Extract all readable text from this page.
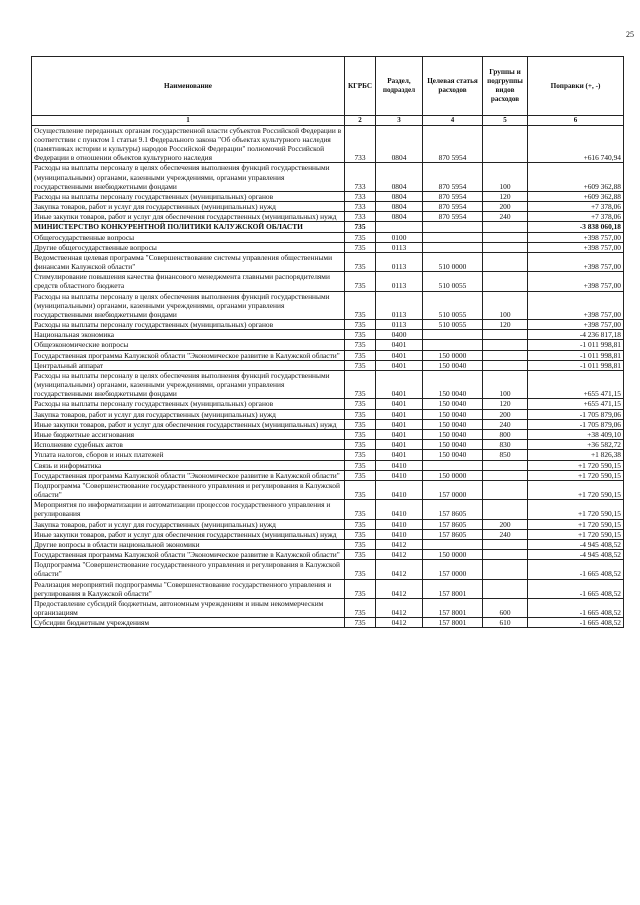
25
Наименование	КГРБС	Раздел, подраздел	Целевая статья расходов	Группы и подгруппы видов расходов	Поправки (+, -)
1	2	3	4	5	6
Осуществление переданных органам государственной власти субъектов Российской Федерации в соответствии с пунктом 1 статьи 9.1 Федерального закона "Об объектах культурного наследия (памятниках истории и культуры) народов Российской Федерации" полномочий Российской Федерации в отношении объектов культурного наследия	733	0804	870 5954		+616 740,94
Расходы на выплаты персоналу в целях обеспечения выполнения функций государственными (муниципальными) органами, казенными учреждениями, органами управления государственными внебюджетными фондами	733	0804	870 5954	100	+609 362,88
Расходы на выплаты персоналу государственных (муниципальных) органов	733	0804	870 5954	120	+609 362,88
Закупка товаров, работ и услуг для государственных (муниципальных) нужд	733	0804	870 5954	200	+7 378,06
Иные закупки товаров, работ и услуг для обеспечения государственных (муниципальных) нужд	733	0804	870 5954	240	+7 378,06
МИНИСТЕРСТВО КОНКУРЕНТНОЙ ПОЛИТИКИ КАЛУЖСКОЙ ОБЛАСТИ	735				-3 838 060,18
Общегосударственные вопросы	735	0100			+398 757,00
Другие общегосударственные вопросы	735	0113			+398 757,00
Ведомственная целевая программа "Совершенствование системы управления общественными финансами Калужской области"	735	0113	510 0000		+398 757,00
Стимулирование повышения качества финансового менеджмента главными распорядителями средств областного бюджета	735	0113	510 0055		+398 757,00
Расходы на выплаты персоналу в целях обеспечения выполнения функций государственными (муниципальными) органами, казенными учреждениями, органами управления государственными внебюджетными фондами	735	0113	510 0055	100	+398 757,00
Расходы на выплаты персоналу государственных (муниципальных) органов	735	0113	510 0055	120	+398 757,00
Национальная экономика	735	0400			-4 236 817,18
Общеэкономические вопросы	735	0401			-1 011 998,81
Государственная программа Калужской области "Экономическое развитие в Калужской области"	735	0401	150 0000		-1 011 998,81
Центральный аппарат	735	0401	150 0040		-1 011 998,81
Расходы на выплаты персоналу в целях обеспечения выполнения функций государственными (муниципальными) органами, казенными учреждениями, органами управления государственными внебюджетными фондами	735	0401	150 0040	100	+655 471,15
Расходы на выплаты персоналу государственных (муниципальных) органов	735	0401	150 0040	120	+655 471,15
Закупка товаров, работ и услуг для государственных (муниципальных) нужд	735	0401	150 0040	200	-1 705 879,06
Иные закупки товаров, работ и услуг для обеспечения государственных (муниципальных) нужд	735	0401	150 0040	240	-1 705 879,06
Иные бюджетные ассигнования	735	0401	150 0040	800	+38 409,10
Исполнение судебных актов	735	0401	150 0040	830	+36 582,72
Уплата налогов, сборов и иных платежей	735	0401	150 0040	850	+1 826,38
Связь и информатика	735	0410			+1 720 590,15
Государственная программа Калужской области "Экономическое развитие в Калужской области"	735	0410	150 0000		+1 720 590,15
Подпрограмма "Совершенствование государственного управления и регулирования в Калужской области"	735	0410	157 0000		+1 720 590,15
Мероприятия по информатизации и автоматизации процессов государственного управления и регулирования	735	0410	157 8605		+1 720 590,15
Закупка товаров, работ и услуг для государственных (муниципальных) нужд	735	0410	157 8605	200	+1 720 590,15
Иные закупки товаров, работ и услуг для обеспечения государственных (муниципальных) нужд	735	0410	157 8605	240	+1 720 590,15
Другие вопросы в области национальной экономики	735	0412			-4 945 408,52
Государственная программа Калужской области "Экономическое развитие в Калужской области"	735	0412	150 0000		-4 945 408,52
Подпрограмма "Совершенствование государственного управления и регулирования в Калужской области"	735	0412	157 0000		-1 665 408,52
Реализация мероприятий подпрограммы "Совершенствование государственного управления и регулирования в Калужской области"	735	0412	157 8001		-1 665 408,52
Предоставление субсидий бюджетным, автономным учреждениям и иным некоммерческим организациям	735	0412	157 8001	600	-1 665 408,52
Субсидии бюджетным учреждениям	735	0412	157 8001	610	-1 665 408,52
